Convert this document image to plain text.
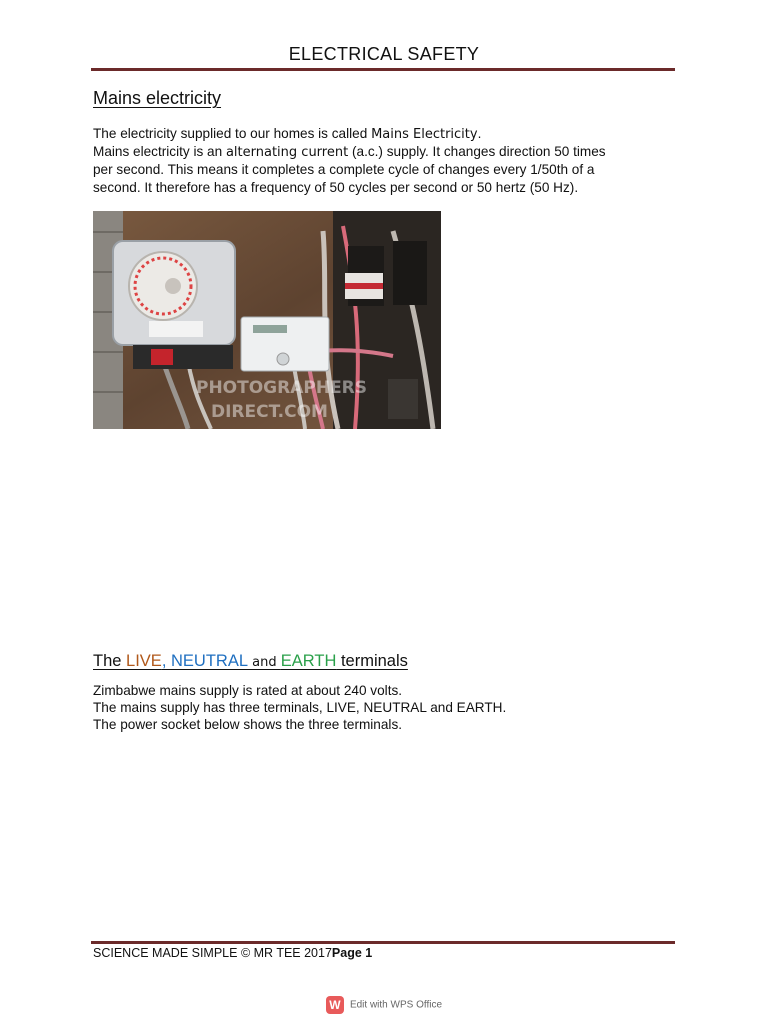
ELECTRICAL SAFETY
Mains electricity
The electricity supplied to our homes is called Mains Electricity.
Mains electricity is an alternating current (a.c.) supply. It changes direction 50 times
per second. This means it completes a complete cycle of changes every 1/50th of a
second. It therefore has a frequency of 50 cycles per second or 50 hertz (50 Hz).
PHOTOGRAPHERS
DIRECT.COM
The LIVE, NEUTRAL and EARTH terminals
Zimbabwe mains supply is rated at about 240 volts.
The mains supply has three terminals, LIVE, NEUTRAL and EARTH.
The power socket below shows the three terminals.
SCIENCE MADE SIMPLE © MR TEE 2017Page 1
W Edit with WPS Office
